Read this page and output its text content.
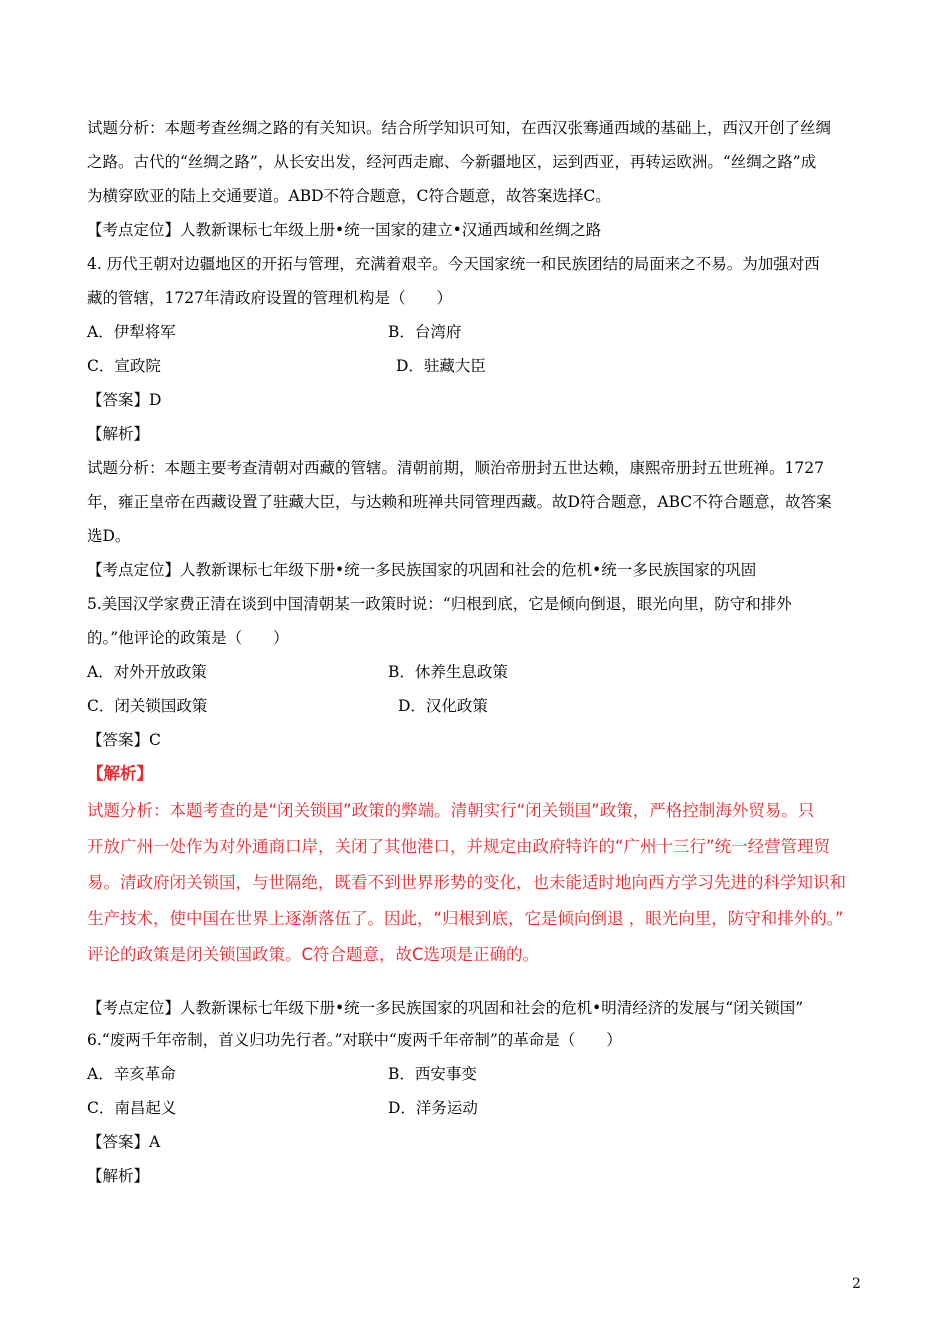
试题分析：本题考查丝绸之路的有关知识。结合所学知识可知，在西汉张骞通西域的基础上，西汉开创了丝绸
之路。古代的“丝绸之路”，从长安出发，经河西走廊、今新疆地区，运到西亚，再转运欧洲。“丝绸之路”成
为横穿欧亚的陆上交通要道。ABD不符合题意，C符合题意，故答案选择C。
【考点定位】人教新课标七年级上册•统一国家的建立•汉通西域和丝绸之路
4. 历代王朝对边疆地区的开拓与管理，充满着艰辛。今天国家统一和民族团结的局面来之不易。为加强对西
藏的管辖，1727年清政府设置的管理机构是（　　）
A．伊犁将军	B．台湾府
C．宣政院	D．驻藏大臣
【答案】D
【解析】
试题分析：本题主要考查清朝对西藏的管辖。清朝前期，顺治帝册封五世达赖，康熙帝册封五世班禅。1727
年，雍正皇帝在西藏设置了驻藏大臣，与达赖和班禅共同管理西藏。故D符合题意，ABC不符合题意，故答案
选D。
【考点定位】人教新课标七年级下册•统一多民族国家的巩固和社会的危机•统一多民族国家的巩固
5.美国汉学家费正清在谈到中国清朝某一政策时说：“归根到底，它是倾向倒退，眼光向里，防守和排外
的。”他评论的政策是（　　）
A．对外开放政策	B．休养生息政策
C．闭关锁国政策	D．汉化政策
【答案】C
【解析】
试题分析：本题考查的是“闭关锁国”政策的弊端。清朝实行“闭关锁国”政策，严格控制海外贸易。只
开放广州一处作为对外通商口岸，关闭了其他港口，并规定由政府特许的“广州十三行”统一经营管理贸
易。清政府闭关锁国，与世隔绝，既看不到世界形势的变化，也未能适时地向西方学习先进的科学知识和
生产技术，使中国在世界上逐渐落伍了。因此，“归根到底，它是倾向倒退 ，眼光向里，防守和排外的。”
评论的政策是闭关锁国政策。C符合题意，故C选项是正确的。
【考点定位】人教新课标七年级下册•统一多民族国家的巩固和社会的危机•明清经济的发展与“闭关锁国”
6.“废两千年帝制，首义归功先行者。”对联中“废两千年帝制”的革命是（　　）
A．辛亥革命	B．西安事变
C．南昌起义	D．洋务运动
【答案】A
【解析】
2
